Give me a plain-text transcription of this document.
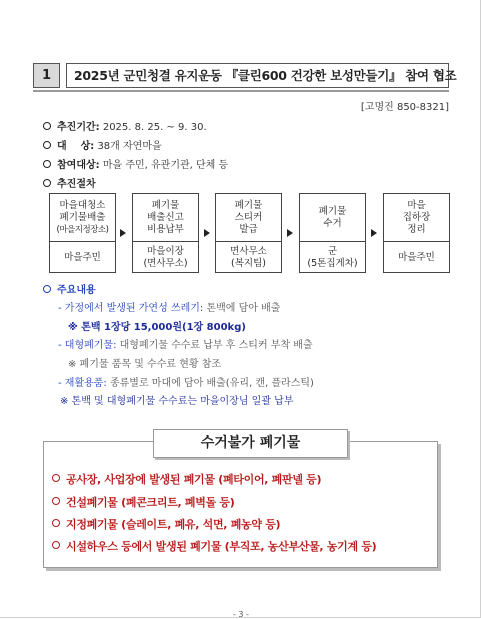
1	2025년 군민청결 유지운동 『클린600 건강한 보성만들기』 참여 협조
[고명진 850-8321]
추진기간: 2025. 8. 25. ~ 9. 30.
대    상: 38개 자연마을
참여대상: 마을 주민, 유관기관, 단체 등
추진절차
마을대청소
폐기물배출
(마을지정장소)
마을주민
폐기물
배출신고
비용납부
마을이장
(면사무소)
폐기물
스티커
발급
면사무소
(복지팀)
폐기물
수거
군
(5톤집게차)
마을
집하장
정리
마을주민
주요내용
- 가정에서 발생된 가연성 쓰레기: 톤백에 담아 배출
※ 톤백 1장당 15,000원(1장 800kg)
- 대형폐기물: 대형폐기물 수수료 납부 후 스티커 부착 배출
※ 폐기물 품목 및 수수료 현황 참조
- 재활용품: 종류별로 마대에 담아 배출(유리, 캔, 플라스틱)
※ 톤백 및 대형폐기물 수수료는 마을이장님 일괄 납부
수거불가 폐기물
공사장, 사업장에 발생된 폐기물 (폐타이어, 폐판넬 등)
건설폐기물 (폐콘크리트, 폐벽돌 등)
지정폐기물 (슬레이트, 폐유, 석면, 폐농약 등)
시설하우스 등에서 발생된 폐기물 (부직포, 농산부산물, 농기계 등)
- 3 -
